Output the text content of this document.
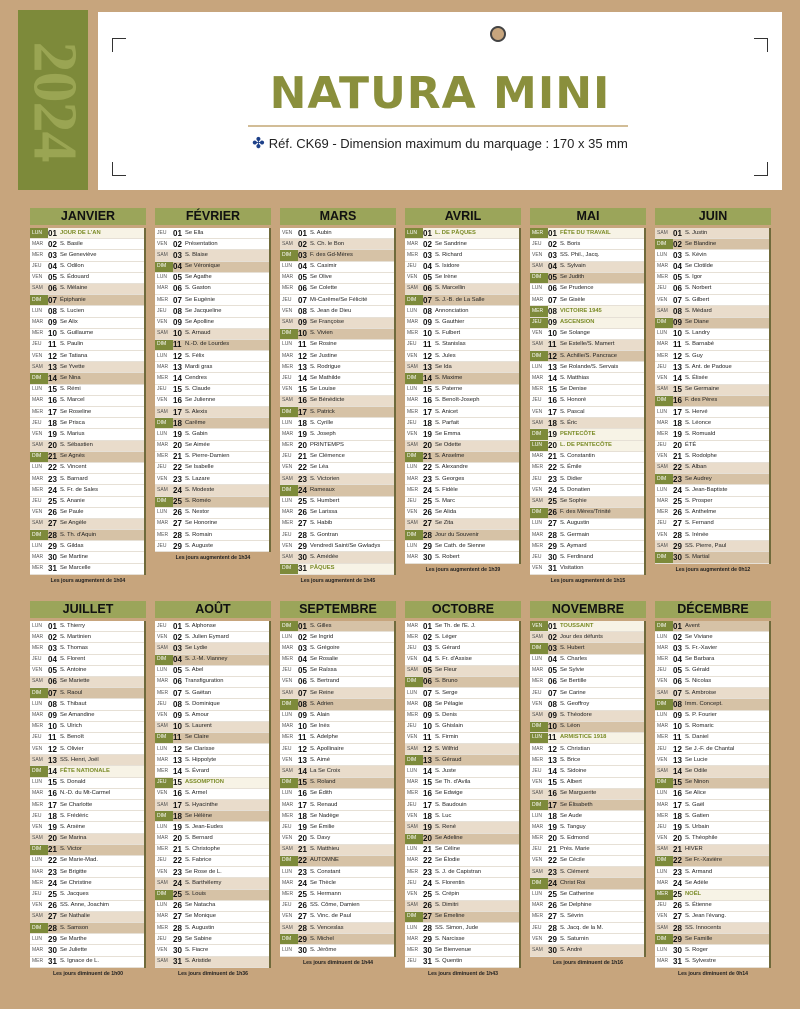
2024	NATURA MINI
✤ Réf. CK69 - Dimension maximum du marquage : 170 x 35 mm
JANVIER
LUN 01 JOUR DE L'AN
MAR 02 S. Basile
MER 03 Se Geneviève
JEU 04 S. Odilon
VEN 05 S. Édouard
SAM 06 S. Mélaine
DIM 07 Épiphanie
LUN 08 S. Lucien
MAR 09 Se Alix
MER 10 S. Guillaume
JEU 11 S. Paulin
VEN 12 Se Tatiana
SAM 13 Se Yvette
DIM 14 Se Nina
LUN 15 S. Rémi
MAR 16 S. Marcel
MER 17 Se Roseline
JEU 18 Se Prisca
VEN 19 S. Marius
SAM 20 S. Sébastien
DIM 21 Se Agnès
LUN 22 S. Vincent
MAR 23 S. Barnard
MER 24 S. Fr. de Sales
JEU 25 S. Ananie
VEN 26 Se Paule
SAM 27 Se Angèle
DIM 28 S. Th. d'Aquin
LUN 29 S. Gildas
MAR 30 Se Martine
MER 31 Se Marcelle
Les jours augmentent de 1h04
FÉVRIER
JEU 01 Se Ella
VEN 02 Présentation
SAM 03 S. Blaise
DIM 04 Se Véronique
LUN 05 Se Agathe
MAR 06 S. Gaston
MER 07 Se Eugénie
JEU 08 Se Jacqueline
VEN 09 Se Apolline
SAM 10 S. Arnaud
DIM 11 N.-D. de Lourdes
LUN 12 S. Félix
MAR 13 Mardi gras
MER 14 Cendres
JEU 15 S. Claude
VEN 16 Se Julienne
SAM 17 S. Alexis
DIM 18 Carême
LUN 19 S. Gabin
MAR 20 Se Aimée
MER 21 S. Pierre-Damien
JEU 22 Se Isabelle
VEN 23 S. Lazare
SAM 24 S. Modeste
DIM 25 S. Roméo
LUN 26 S. Nestor
MAR 27 Se Honorine
MER 28 S. Romain
JEU 29 S. Auguste
Les jours augmentent de 1h34
MARS
VEN 01 S. Aubin
SAM 02 S. Ch. le Bon
DIM 03 F. des Gd-Mères
LUN 04 S. Casimir
MAR 05 Se Olive
MER 06 Se Colette
JEU 07 Mi-Carême/Se Félicité
VEN 08 S. Jean de Dieu
SAM 09 Se Françoise
DIM 10 S. Vivien
LUN 11 Se Rosine
MAR 12 Se Justine
MER 13 S. Rodrigue
JEU 14 Se Mathilde
VEN 15 Se Louise
SAM 16 Se Bénédicte
DIM 17 S. Patrick
LUN 18 S. Cyrille
MAR 19 S. Joseph
MER 20 PRINTEMPS
JEU 21 Se Clémence
VEN 22 Se Léa
SAM 23 S. Victorien
DIM 24 Rameaux
LUN 25 S. Humbert
MAR 26 Se Larissa
MER 27 S. Habib
JEU 28 S. Gontran
VEN 29 Vendredi Saint/Se Gwladys
SAM 30 S. Amédée
DIM 31 PÂQUES
Les jours augmentent de 1h45
AVRIL
LUN 01 L. DE PÂQUES
MAR 02 Se Sandrine
MER 03 S. Richard
JEU 04 S. Isidore
VEN 05 Se Irène
SAM 06 S. Marcellin
DIM 07 S. J.-B. de La Salle
LUN 08 Annonciation
MAR 09 S. Gauthier
MER 10 S. Fulbert
JEU 11 S. Stanislas
VEN 12 S. Jules
SAM 13 Se Ida
DIM 14 S. Maxime
LUN 15 S. Paterne
MAR 16 S. Benoît-Joseph
MER 17 S. Anicet
JEU 18 S. Parfait
VEN 19 Se Emma
SAM 20 Se Odette
DIM 21 S. Anselme
LUN 22 S. Alexandre
MAR 23 S. Georges
MER 24 S. Fidèle
JEU 25 S. Marc
VEN 26 Se Alida
SAM 27 Se Zita
DIM 28 Jour du Souvenir
LUN 29 Se Cath. de Sienne
MAR 30 S. Robert
Les jours augmentent de 1h39
MAI
MER 01 FÊTE DU TRAVAIL
JEU 02 S. Boris
VEN 03 SS. Phil., Jacq.
SAM 04 S. Sylvain
DIM 05 Se Judith
LUN 06 Se Prudence
MAR 07 Se Gisèle
MER 08 VICTOIRE 1945
JEU 09 ASCENSION
VEN 10 Se Solange
SAM 11 Se Estelle/S. Mamert
DIM 12 S. Achille/S. Pancrace
LUN 13 Se Rolande/S. Servais
MAR 14 S. Matthias
MER 15 Se Denise
JEU 16 S. Honoré
VEN 17 S. Pascal
SAM 18 S. Éric
DIM 19 PENTECÔTE
LUN 20 L. DE PENTECÔTE
MAR 21 S. Constantin
MER 22 S. Émile
JEU 23 S. Didier
VEN 24 S. Donatien
SAM 25 Se Sophie
DIM 26 F. des Mères/Trinité
LUN 27 S. Augustin
MAR 28 S. Germain
MER 29 S. Aymard
JEU 30 S. Ferdinand
VEN 31 Visitation
Les jours augmentent de 1h15
JUIN
SAM 01 S. Justin
DIM 02 Se Blandine
LUN 03 S. Kévin
MAR 04 Se Clotilde
MER 05 S. Igor
JEU 06 S. Norbert
VEN 07 S. Gilbert
SAM 08 S. Médard
DIM 09 Se Diane
LUN 10 S. Landry
MAR 11 S. Barnabé
MER 12 S. Guy
JEU 13 S. Ant. de Padoue
VEN 14 S. Élisée
SAM 15 Se Germaine
DIM 16 F. des Pères
LUN 17 S. Hervé
MAR 18 S. Léonce
MER 19 S. Romuald
JEU 20 ÉTÉ
VEN 21 S. Rodolphe
SAM 22 S. Alban
DIM 23 Se Audrey
LUN 24 S. Jean-Baptiste
MAR 25 S. Prosper
MER 26 S. Anthelme
JEU 27 S. Fernand
VEN 28 S. Irénée
SAM 29 SS. Pierre, Paul
DIM 30 S. Martial
Les jours augmentent de 0h12
JUILLET
LUN 01 S. Thierry
MAR 02 S. Martinien
MER 03 S. Thomas
JEU 04 S. Florent
VEN 05 S. Antoine
SAM 06 Se Mariette
DIM 07 S. Raoul
LUN 08 S. Thibaut
MAR 09 Se Amandine
MER 10 S. Ulrich
JEU 11 S. Benoît
VEN 12 S. Olivier
SAM 13 SS. Henri, Joël
DIM 14 FÊTE NATIONALE
LUN 15 S. Donald
MAR 16 N.-D. du Mt-Carmel
MER 17 Se Charlotte
JEU 18 S. Frédéric
VEN 19 S. Arsène
SAM 20 Se Marina
DIM 21 S. Victor
LUN 22 Se Marie-Mad.
MAR 23 Se Brigitte
MER 24 Se Christine
JEU 25 S. Jacques
VEN 26 SS. Anne, Joachim
SAM 27 Se Nathalie
DIM 28 S. Samson
LUN 29 Se Marthe
MAR 30 Se Juliette
MER 31 S. Ignace de L.
Les jours diminuent de 1h00
AOÛT
JEU 01 S. Alphonse
VEN 02 S. Julien Eymard
SAM 03 Se Lydie
DIM 04 S. J.-M. Vianney
LUN 05 S. Abel
MAR 06 Transfiguration
MER 07 S. Gaëtan
JEU 08 S. Dominique
VEN 09 S. Amour
SAM 10 S. Laurent
DIM 11 Se Claire
LUN 12 Se Clarisse
MAR 13 S. Hippolyte
MER 14 S. Évrard
JEU 15 ASSOMPTION
VEN 16 S. Armel
SAM 17 S. Hyacinthe
DIM 18 Se Hélène
LUN 19 S. Jean-Eudes
MAR 20 S. Bernard
MER 21 S. Christophe
JEU 22 S. Fabrice
VEN 23 Se Rose de L.
SAM 24 S. Barthélemy
DIM 25 S. Louis
LUN 26 Se Natacha
MAR 27 Se Monique
MER 28 S. Augustin
JEU 29 Se Sabine
VEN 30 S. Fiacre
SAM 31 S. Aristide
Les jours diminuent de 1h36
SEPTEMBRE
DIM 01 S. Gilles
LUN 02 Se Ingrid
MAR 03 S. Grégoire
MER 04 Se Rosalie
JEU 05 Se Raïssa
VEN 06 S. Bertrand
SAM 07 Se Reine
DIM 08 S. Adrien
LUN 09 S. Alain
MAR 10 Se Inès
MER 11 S. Adelphe
JEU 12 S. Apollinaire
VEN 13 S. Aimé
SAM 14 La Se Croix
DIM 15 S. Roland
LUN 16 Se Édith
MAR 17 S. Renaud
MER 18 Se Nadège
JEU 19 Se Émilie
VEN 20 S. Davy
SAM 21 S. Matthieu
DIM 22 AUTOMNE
LUN 23 S. Constant
MAR 24 Se Thècle
MER 25 S. Hermann
JEU 26 SS. Côme, Damien
VEN 27 S. Vinc. de Paul
SAM 28 S. Venceslas
DIM 29 S. Michel
LUN 30 S. Jérôme
Les jours diminuent de 1h44
OCTOBRE
MAR 01 Se Th. de l'E. J.
MER 02 S. Léger
JEU 03 S. Gérard
VEN 04 S. Fr. d'Assise
SAM 05 Se Fleur
DIM 06 S. Bruno
LUN 07 S. Serge
MAR 08 Se Pélagie
MER 09 S. Denis
JEU 10 S. Ghislain
VEN 11 S. Firmin
SAM 12 S. Wilfrid
DIM 13 S. Géraud
LUN 14 S. Juste
MAR 15 Se Th. d'Avila
MER 16 Se Edwige
JEU 17 S. Baudouin
VEN 18 S. Luc
SAM 19 S. René
DIM 20 Se Adeline
LUN 21 Se Céline
MAR 22 Se Élodie
MER 23 S. J. de Capistran
JEU 24 S. Florentin
VEN 25 S. Crépin
SAM 26 S. Dimitri
DIM 27 Se Émeline
LUN 28 SS. Simon, Jude
MAR 29 S. Narcisse
MER 30 Se Bienvenue
JEU 31 S. Quentin
Les jours diminuent de 1h43
NOVEMBRE
VEN 01 TOUSSAINT
SAM 02 Jour des défunts
DIM 03 S. Hubert
LUN 04 S. Charles
MAR 05 Se Sylvie
MER 06 Se Bertille
JEU 07 Se Carine
VEN 08 S. Geoffroy
SAM 09 S. Théodore
DIM 10 S. Léon
LUN 11 ARMISTICE 1918
MAR 12 S. Christian
MER 13 S. Brice
JEU 14 S. Sidoine
VEN 15 S. Albert
SAM 16 Se Marguerite
DIM 17 Se Élisabeth
LUN 18 Se Aude
MAR 19 S. Tanguy
MER 20 S. Edmond
JEU 21 Prés. Marie
VEN 22 Se Cécile
SAM 23 S. Clément
DIM 24 Christ Roi
LUN 25 Se Catherine
MAR 26 Se Delphine
MER 27 S. Sévrin
JEU 28 S. Jacq. de la M.
VEN 29 S. Saturnin
SAM 30 S. André
Les jours diminuent de 1h16
DÉCEMBRE
DIM 01 Avent
LUN 02 Se Viviane
MAR 03 S. Fr.-Xavier
MER 04 Se Barbara
JEU 05 S. Gérald
VEN 06 S. Nicolas
SAM 07 S. Ambroise
DIM 08 Imm. Concept.
LUN 09 S. P. Fourier
MAR 10 S. Romaric
MER 11 S. Daniel
JEU 12 Se J.-F. de Chantal
VEN 13 Se Lucie
SAM 14 Se Odile
DIM 15 Se Ninon
LUN 16 Se Alice
MAR 17 S. Gaël
MER 18 S. Gatien
JEU 19 S. Urbain
VEN 20 S. Théophile
SAM 21 HIVER
DIM 22 Se Fr.-Xavière
LUN 23 S. Armand
MAR 24 Se Adèle
MER 25 NOËL
JEU 26 S. Étienne
VEN 27 S. Jean l'évang.
SAM 28 SS. Innocents
DIM 29 Se Famille
LUN 30 S. Roger
MAR 31 S. Sylvestre
Les jours diminuent de 0h14
